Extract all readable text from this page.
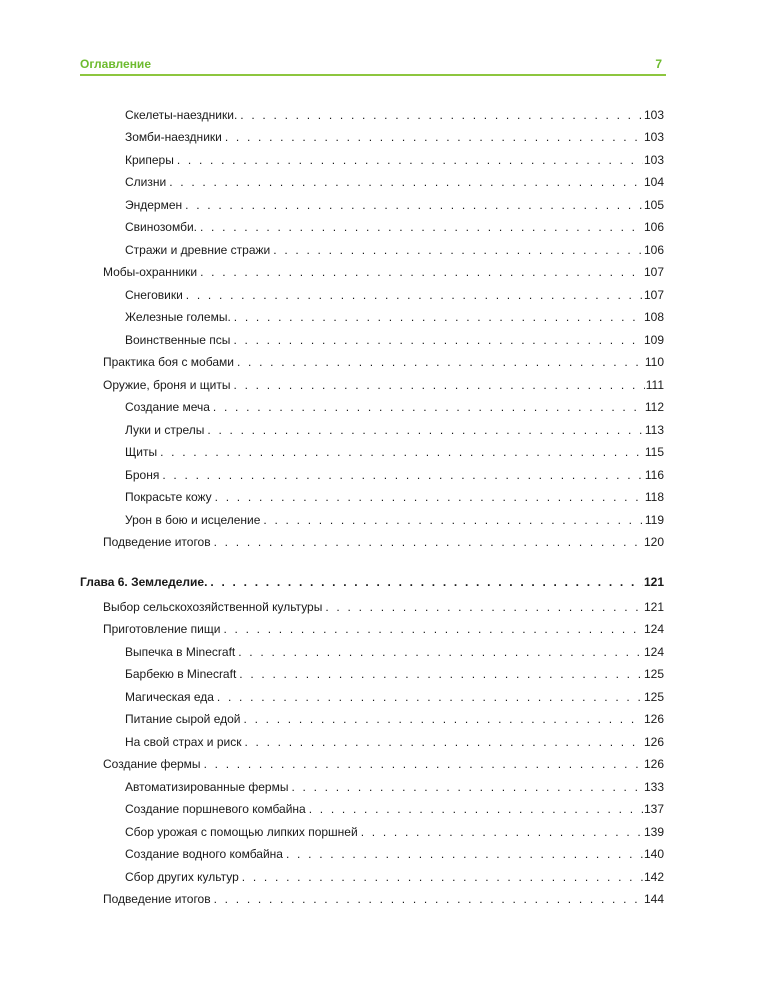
Оглавление	7
Скелеты-наездники. . . .	103
Зомби-наездники . . .	103
Криперы . . .	103
Слизни . . .	104
Эндермен . . .	105
Свинозомби. . . .	106
Стражи и древние стражи . . .	106
Мобы-охранники . . .	107
Снеговики . . .	107
Железные големы. . . .	108
Воинственные псы . . .	109
Практика боя с мобами . . .	110
Оружие, броня и щиты . . .	111
Создание меча . . .	112
Луки и стрелы . . .	113
Щиты . . .	115
Броня . . .	116
Покрасьте кожу . . .	118
Урон в бою и исцеление . . .	119
Подведение итогов . . .	120
Глава 6. Земледелие. . . .	121
Выбор сельскохозяйственной культуры . . .	121
Приготовление пищи . . .	124
Выпечка в Minecraft . . .	124
Барбекю в Minecraft . . .	125
Магическая еда . . .	125
Питание сырой едой . . .	126
На свой страх и риск . . .	126
Создание фермы . . .	126
Автоматизированные фермы . . .	133
Создание поршневого комбайна . . .	137
Сбор урожая с помощью липких поршней . . .	139
Создание водного комбайна . . .	140
Сбор других культур . . .	142
Подведение итогов . . .	144
